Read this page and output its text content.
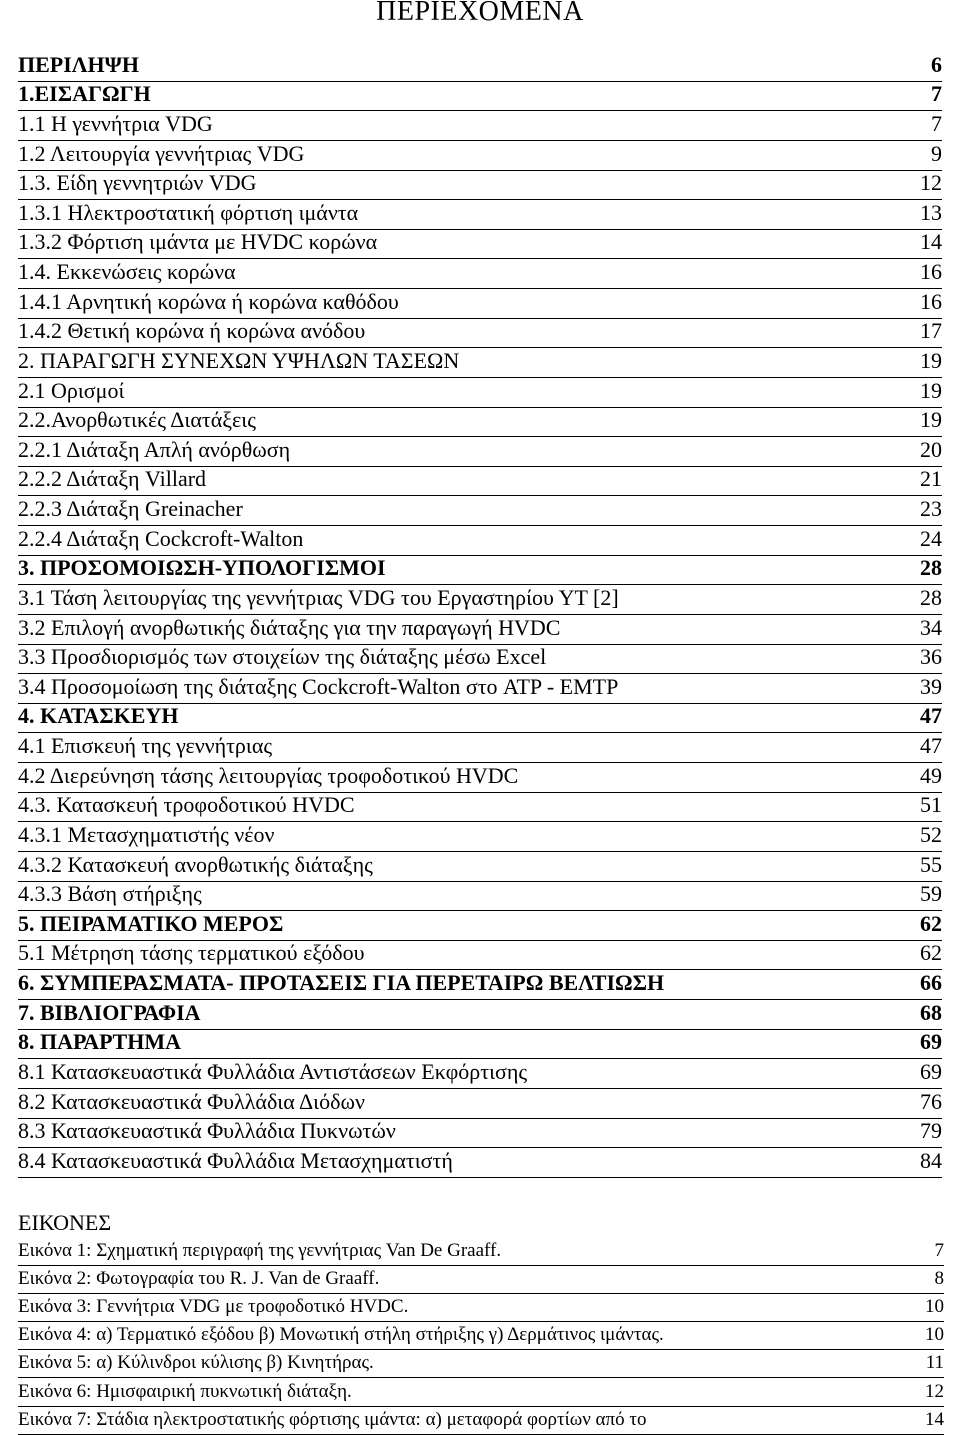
ΠΕΡΙΕΧΟΜΕΝΑ
ΠΕΡΙΛΗΨΗ	6
1.ΕΙΣΑΓΩΓΗ	7
1.1 Η γεννήτρια VDG	7
1.2 Λειτουργία γεννήτριας VDG	9
1.3. Είδη γεννητριών VDG	12
1.3.1 Ηλεκτροστατική φόρτιση ιμάντα	13
1.3.2 Φόρτιση ιμάντα με HVDC κορώνα	14
1.4. Εκκενώσεις κορώνα	16
1.4.1 Αρνητική κορώνα ή κορώνα καθόδου	16
1.4.2 Θετική κορώνα ή κορώνα ανόδου	17
2. ΠΑΡΑΓΩΓΗ ΣΥΝΕΧΩΝ ΥΨΗΛΩΝ ΤΑΣΕΩΝ	19
2.1 Ορισμοί	19
2.2.Ανορθωτικές Διατάξεις	19
2.2.1 Διάταξη Απλή ανόρθωση	20
2.2.2 Διάταξη Villard	21
2.2.3 Διάταξη Greinacher	23
2.2.4 Διάταξη Cockcroft-Walton	24
3. ΠΡΟΣΟΜΟΙΩΣΗ-ΥΠΟΛΟΓΙΣΜΟΙ	28
3.1 Τάση λειτουργίας της γεννήτριας VDG του Εργαστηρίου ΥΤ [2]	28
3.2 Επιλογή ανορθωτικής διάταξης για την παραγωγή HVDC	34
3.3 Προσδιορισμός των στοιχείων της διάταξης μέσω Excel	36
3.4 Προσομοίωση της διάταξης Cockcroft-Walton στο ATP - EMTP	39
4. ΚΑΤΑΣΚΕΥΗ	47
4.1 Επισκευή της γεννήτριας	47
4.2 Διερεύνηση τάσης λειτουργίας τροφοδοτικού HVDC	49
4.3. Κατασκευή τροφοδοτικού HVDC	51
4.3.1 Μετασχηματιστής νέον	52
4.3.2 Κατασκευή ανορθωτικής διάταξης	55
4.3.3 Βάση στήριξης	59
5. ΠΕΙΡΑΜΑΤΙΚΟ ΜΕΡΟΣ	62
5.1 Μέτρηση τάσης τερματικού εξόδου	62
6. ΣΥΜΠΕΡΑΣΜΑΤΑ- ΠΡΟΤΑΣΕΙΣ ΓΙΑ ΠΕΡΕΤΑΙΡΩ ΒΕΛΤΙΩΣΗ	66
7. ΒΙΒΛΙΟΓΡΑΦΙΑ	68
8. ΠΑΡΑΡΤΗΜΑ	69
8.1 Κατασκευαστικά Φυλλάδια Αντιστάσεων Εκφόρτισης	69
8.2 Κατασκευαστικά Φυλλάδια Διόδων	76
8.3 Κατασκευαστικά Φυλλάδια Πυκνωτών	79
8.4 Κατασκευαστικά Φυλλάδια Μετασχηματιστή	84
ΕΙΚΟΝΕΣ
Εικόνα 1: Σχηματική περιγραφή της γεννήτριας Van De Graaff.	7
Εικόνα 2: Φωτογραφία του R. J. Van de Graaff.	8
Εικόνα 3: Γεννήτρια VDG με τροφοδοτικό HVDC.	10
Εικόνα 4: α) Τερματικό εξόδου β) Μονωτική στήλη στήριξης γ) Δερμάτινος ιμάντας.	10
Εικόνα 5: α) Κύλινδροι κύλισης β) Κινητήρας.	11
Εικόνα 6: Ημισφαιρική πυκνωτική διάταξη.	12
Εικόνα 7: Στάδια ηλεκτροστατικής φόρτισης ιμάντα: α) μεταφορά φορτίων από το	14
